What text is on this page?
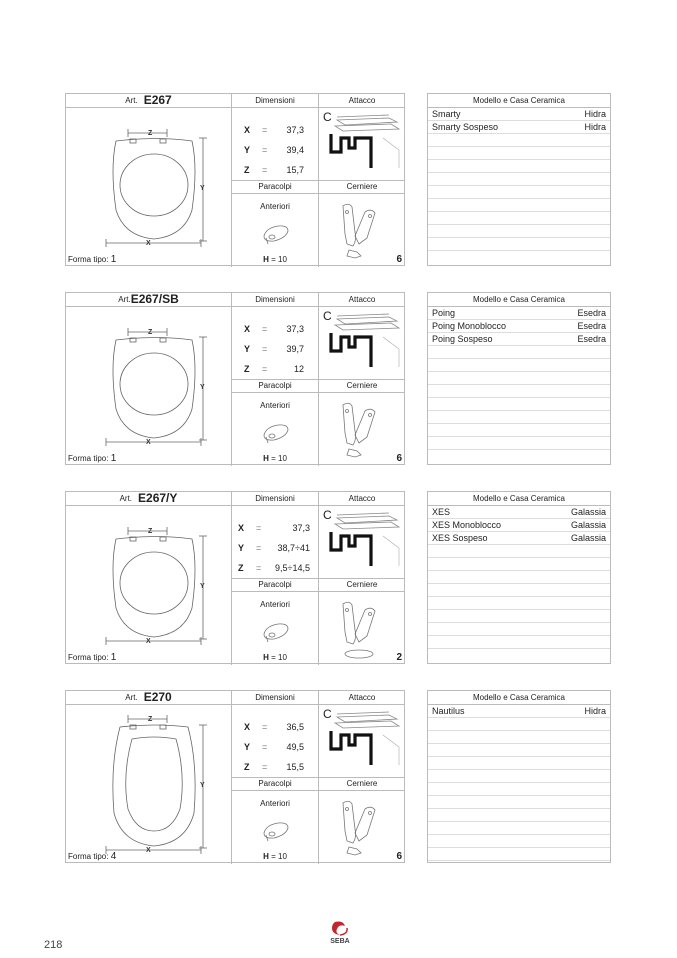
Art. E267	Dimensioni	Attacco
Z
Y
X
Forma tipo: 1
X = 37,3
Y = 39,4
Z = 15,7
C
Paracolpi	Cerniere
Anteriori
H = 10	6
Modello e Casa Ceramica
Smarty	Hidra
Smarty Sospeso	Hidra
Art.E267/SB	Dimensioni	Attacco
Z
Y
X
Forma tipo: 1
X = 37,3
Y = 39,7
Z =	12
C
Paracolpi	Cerniere
Anteriori
H = 10	6
Modello e Casa Ceramica
Poing	Esedra
Poing Monoblocco	Esedra
Poing Sospeso	Esedra
Art. E267/Y	Dimensioni	Attacco
Z
Y
X
Forma tipo: 1
X =	37,3
Y = 38,7÷41
Z = 9,5÷14,5
C
Paracolpi	Cerniere
Anteriori
H = 10	2
Modello e Casa Ceramica
XES	Galassia
XES Monoblocco	Galassia
XES Sospeso	Galassia
Art. E270	Dimensioni	Attacco
Z
Y
X
Forma tipo: 4
X = 36,5
Y = 49,5
Z = 15,5
C
Paracolpi	Cerniere
Anteriori
H = 10	6
Modello e Casa Ceramica
Nautilus	Hidra
218	SEBA
